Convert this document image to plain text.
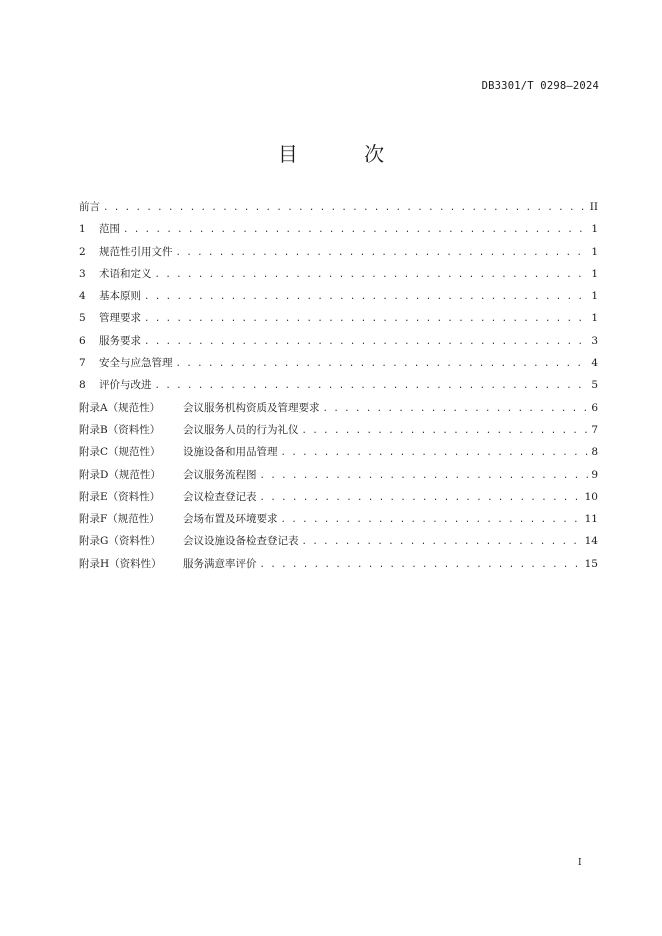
DB3301/T 0298—2024
目 次
前言 . . .	II
1	范围 . . .	1
2	规范性引用文件 . . .	1
3	术语和定义 . . .	1
4	基本原则 . . .	1
5	管理要求 . . .	1
6	服务要求 . . .	3
7	安全与应急管理 . . .	4
8	评价与改进 . . .	5
附录A（规范性）	会议服务机构资质及管理要求 . . .	6
附录B（资料性）	会议服务人员的行为礼仪 . . .	7
附录C（规范性）	设施设备和用品管理 . . .	8
附录D（规范性）	会议服务流程图 . . .	9
附录E（资料性）	会议检查登记表 . . .	10
附录F（规范性）	会场布置及环境要求 . . .	11
附录G（资料性）	会议设施设备检查登记表 . . .	14
附录H（资料性）	服务满意率评价 . . .	15
I
